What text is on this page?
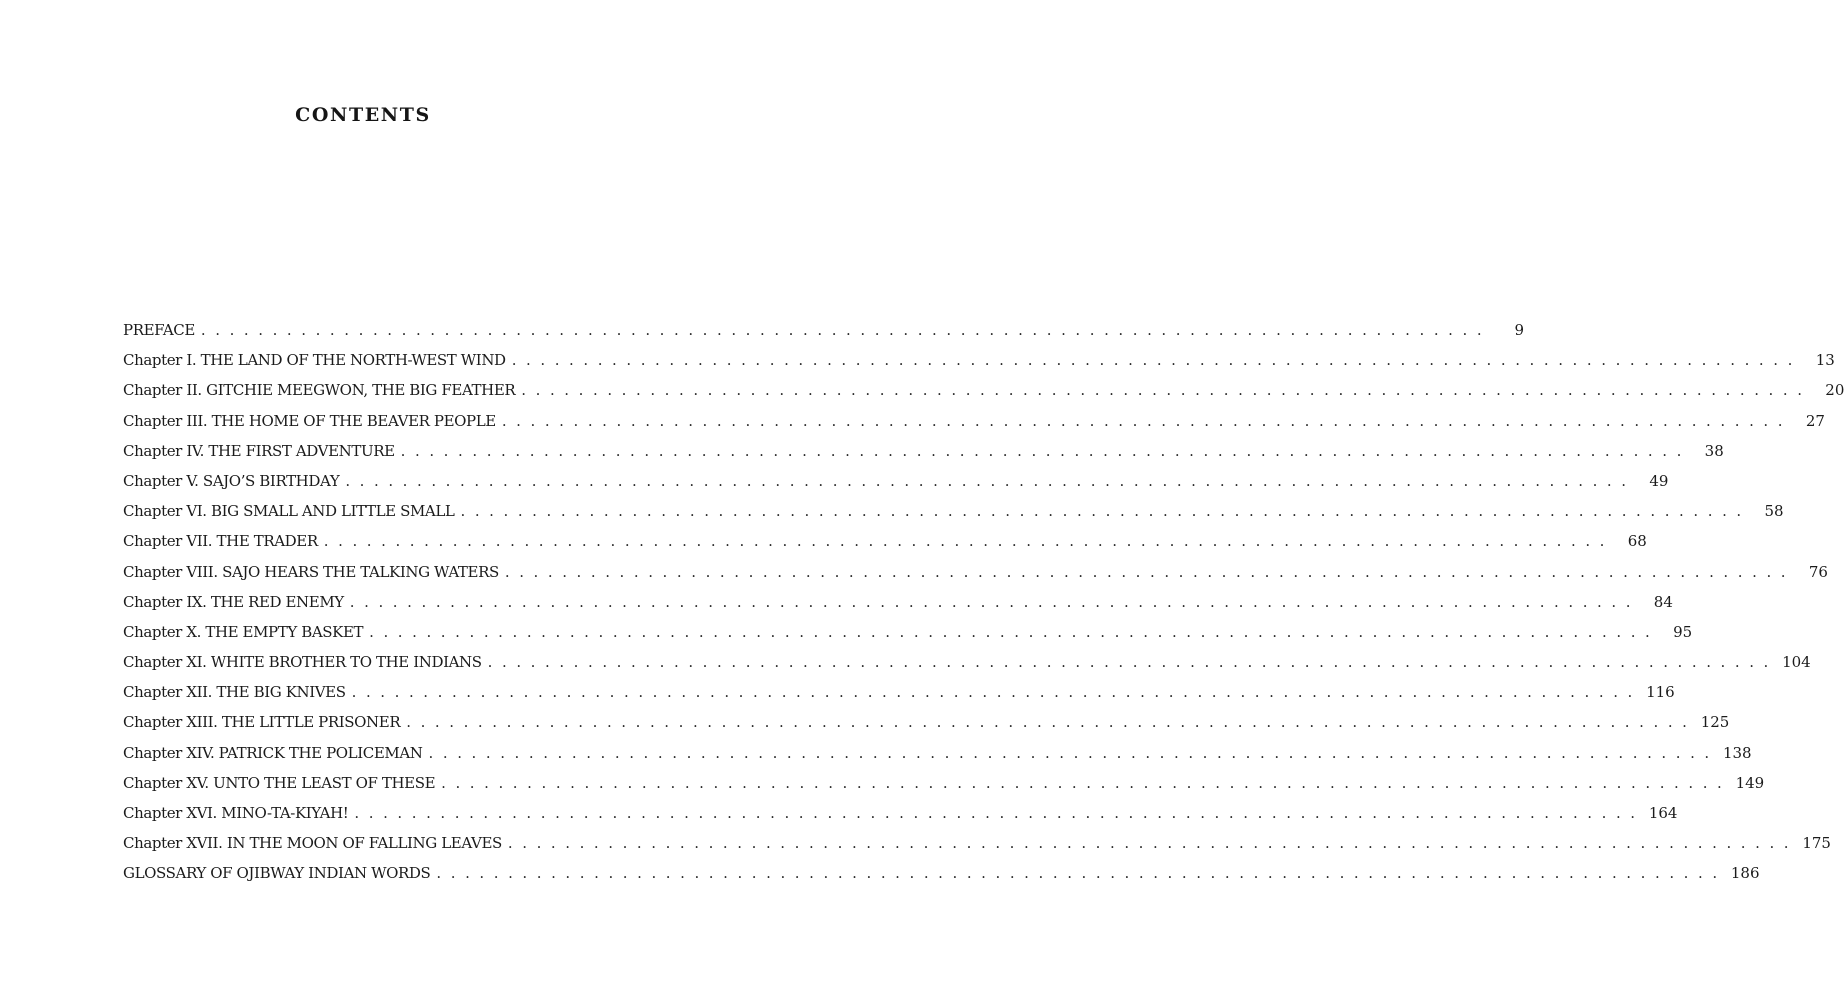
CONTENTS
PREFACE . . . . . . . . . . . . . . . . . . . . . . . . . . . . . . . . . . . . . . . . . . . . . . . . . . . . . . . . . . . . . . . . . . . . . . . . . . . . . . . . . . . . . . . . . .	9
Chapter I. THE LAND OF THE NORTH-WEST WIND . . . . . . . . . . . . . . . . . . . . . . . . . . . . . . . . . . . . . . . . . . . . . . . . . . . . . . . . . . . . . . . . . . . . . . . . . . . . . . . . . . . . . . . . . .	13
Chapter II. GITCHIE MEEGWON, THE BIG FEATHER . . . . . . . . . . . . . . . . . . . . . . . . . . . . . . . . . . . . . . . . . . . . . . . . . . . . . . . . . . . . . . . . . . . . . . . . . . . . . . . . . . . . . . . . . .	20
Chapter III. THE HOME OF THE BEAVER PEOPLE . . . . . . . . . . . . . . . . . . . . . . . . . . . . . . . . . . . . . . . . . . . . . . . . . . . . . . . . . . . . . . . . . . . . . . . . . . . . . . . . . . . . . . . . . .	27
Chapter IV. THE FIRST ADVENTURE . . . . . . . . . . . . . . . . . . . . . . . . . . . . . . . . . . . . . . . . . . . . . . . . . . . . . . . . . . . . . . . . . . . . . . . . . . . . . . . . . . . . . . . . . .	38
Chapter V. SAJO’S BIRTHDAY . . . . . . . . . . . . . . . . . . . . . . . . . . . . . . . . . . . . . . . . . . . . . . . . . . . . . . . . . . . . . . . . . . . . . . . . . . . . . . . . . . . . . . . . . .	49
Chapter VI. BIG SMALL AND LITTLE SMALL . . . . . . . . . . . . . . . . . . . . . . . . . . . . . . . . . . . . . . . . . . . . . . . . . . . . . . . . . . . . . . . . . . . . . . . . . . . . . . . . . . . . . . . . . .	58
Chapter VII. THE TRADER . . . . . . . . . . . . . . . . . . . . . . . . . . . . . . . . . . . . . . . . . . . . . . . . . . . . . . . . . . . . . . . . . . . . . . . . . . . . . . . . . . . . . . . . . .	68
Chapter VIII. SAJO HEARS THE TALKING WATERS . . . . . . . . . . . . . . . . . . . . . . . . . . . . . . . . . . . . . . . . . . . . . . . . . . . . . . . . . . . . . . . . . . . . . . . . . . . . . . . . . . . . . . . . . .	76
Chapter IX. THE RED ENEMY . . . . . . . . . . . . . . . . . . . . . . . . . . . . . . . . . . . . . . . . . . . . . . . . . . . . . . . . . . . . . . . . . . . . . . . . . . . . . . . . . . . . . . . . . .	84
Chapter X. THE EMPTY BASKET . . . . . . . . . . . . . . . . . . . . . . . . . . . . . . . . . . . . . . . . . . . . . . . . . . . . . . . . . . . . . . . . . . . . . . . . . . . . . . . . . . . . . . . . . .	95
Chapter XI. WHITE BROTHER TO THE INDIANS . . . . . . . . . . . . . . . . . . . . . . . . . . . . . . . . . . . . . . . . . . . . . . . . . . . . . . . . . . . . . . . . . . . . . . . . . . . . . . . . . . . . . . . . . . 104
Chapter XII. THE BIG KNIVES . . . . . . . . . . . . . . . . . . . . . . . . . . . . . . . . . . . . . . . . . . . . . . . . . . . . . . . . . . . . . . . . . . . . . . . . . . . . . . . . . . . . . . . . . . 116
Chapter XIII. THE LITTLE PRISONER . . . . . . . . . . . . . . . . . . . . . . . . . . . . . . . . . . . . . . . . . . . . . . . . . . . . . . . . . . . . . . . . . . . . . . . . . . . . . . . . . . . . . . . . . . 125
Chapter XIV. PATRICK THE POLICEMAN . . . . . . . . . . . . . . . . . . . . . . . . . . . . . . . . . . . . . . . . . . . . . . . . . . . . . . . . . . . . . . . . . . . . . . . . . . . . . . . . . . . . . . . . . . 138
Chapter XV. UNTO THE LEAST OF THESE . . . . . . . . . . . . . . . . . . . . . . . . . . . . . . . . . . . . . . . . . . . . . . . . . . . . . . . . . . . . . . . . . . . . . . . . . . . . . . . . . . . . . . . . . . 149
Chapter XVI. MINO-TA-KIYAH! . . . . . . . . . . . . . . . . . . . . . . . . . . . . . . . . . . . . . . . . . . . . . . . . . . . . . . . . . . . . . . . . . . . . . . . . . . . . . . . . . . . . . . . . . . 164
Chapter XVII. IN THE MOON OF FALLING LEAVES . . . . . . . . . . . . . . . . . . . . . . . . . . . . . . . . . . . . . . . . . . . . . . . . . . . . . . . . . . . . . . . . . . . . . . . . . . . . . . . . . . . . . . . . . . 175
GLOSSARY OF OJIBWAY INDIAN WORDS . . . . . . . . . . . . . . . . . . . . . . . . . . . . . . . . . . . . . . . . . . . . . . . . . . . . . . . . . . . . . . . . . . . . . . . . . . . . . . . . . . . . . . . . . . 186
